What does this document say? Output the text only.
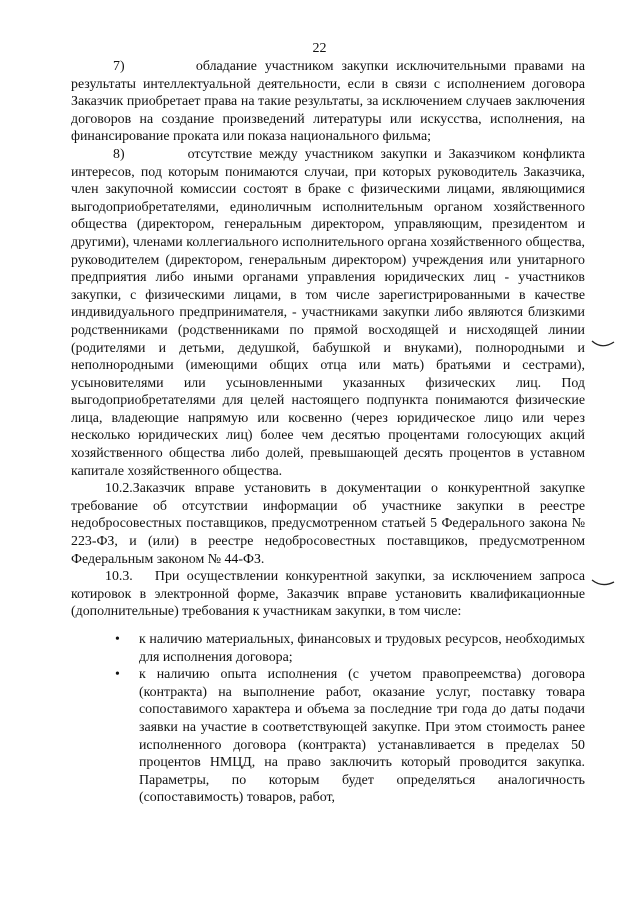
22

7)         обладание участником закупки исключительными правами на результаты интеллектуальной деятельности, если в связи с исполнением договора Заказчик приобретает права на такие результаты, за исключением случаев заключения договоров на создание произведений литературы или искусства, исполнения, на финансирование проката или показа национального фильма;

8)         отсутствие между участником закупки и Заказчиком конфликта интересов, под которым понимаются случаи, при которых руководитель Заказчика, член закупочной комиссии состоят в браке с физическими лицами, являющимися выгодоприобретателями, единоличным исполнительным органом хозяйственного общества (директором, генеральным директором, управляющим, президентом и другими), членами коллегиального исполнительного органа хозяйственного общества, руководителем (директором, генеральным директором) учреждения или унитарного предприятия либо иными органами управления юридических лиц - участников закупки, с физическими лицами, в том числе зарегистрированными в качестве индивидуального предпринимателя, - участниками закупки либо являются близкими родственниками (родственниками по прямой восходящей и нисходящей линии (родителями и детьми, дедушкой, бабушкой и внуками), полнородными и неполнородными (имеющими общих отца или мать) братьями и сестрами), усыновителями или усыновленными указанных физических лиц. Под выгодоприобретателями для целей настоящего подпункта понимаются физические лица, владеющие напрямую или косвенно (через юридическое лицо или через несколько юридических лиц) более чем десятью процентами голосующих акций хозяйственного общества либо долей, превышающей десять процентов в уставном капитале хозяйственного общества.

10.2.Заказчик вправе установить в документации о конкурентной закупке требование об отсутствии информации об участнике закупки в реестре недобросовестных поставщиков, предусмотренном статьей 5 Федерального закона № 223-ФЗ, и (или) в реестре недобросовестных поставщиков, предусмотренном Федеральным законом № 44-ФЗ.

10.3.   При осуществлении конкурентной закупки, за исключением запроса котировок в электронной форме, Заказчик вправе установить квалификационные (дополнительные) требования к участникам закупки, в том числе:

• к наличию материальных, финансовых и трудовых ресурсов, необходимых для исполнения договора;
• к наличию опыта исполнения (с учетом правопреемства) договора (контракта) на выполнение работ, оказание услуг, поставку товара сопоставимого характера и объема за последние три года до даты подачи заявки на участие в соответствующей закупке. При этом стоимость ранее исполненного договора (контракта) устанавливается в пределах 50 процентов НМЦД, на право заключить который проводится закупка. Параметры, по которым будет определяться аналогичность (сопоставимость) товаров, работ,
